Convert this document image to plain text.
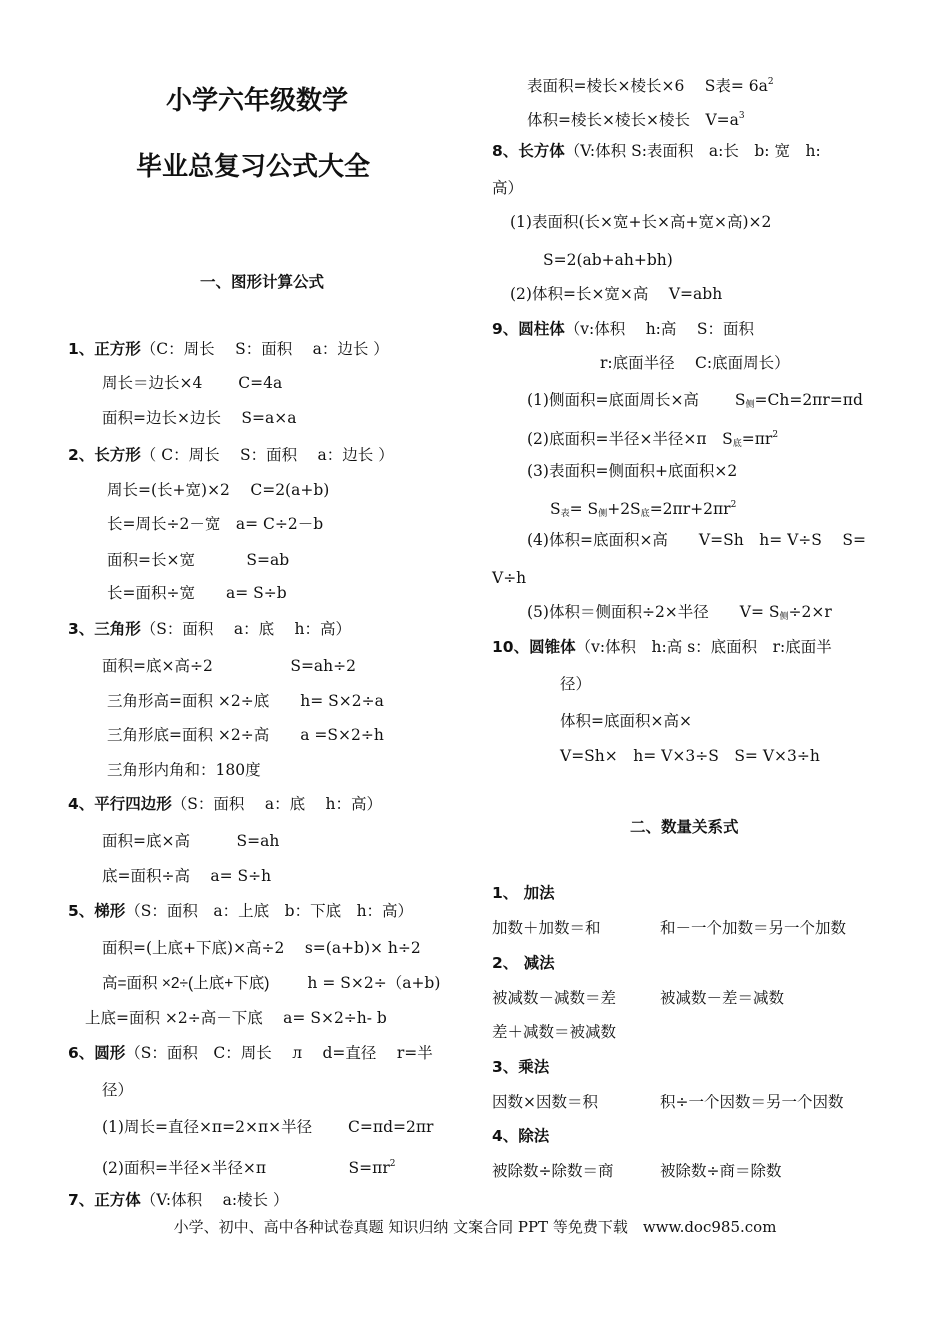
小学六年级数学
毕业总复习公式大全
一、图形计算公式
1、正方形（C：周长　 S：面积　 a：边长 ）
周长＝边长×4　　 C=4a
面积=边长×边长　 S=a×a
2、长方形（ C：周长　 S：面积　 a：边长 ）
周长=(长+宽)×2　 C=2(a+b)
长=周长÷2－宽　a= C÷2－b
面积=长×宽　　　 S=ab
长=面积÷宽　　a= S÷b
3、三角形（S：面积　 a：底　 h：高）
面积=底×高÷2　　　　　S=ah÷2
三角形高=面积 ×2÷底　　h= S×2÷a
三角形底=面积 ×2÷高　　a =S×2÷h
三角形内角和：180度
4、平行四边形（S：面积　 a：底　 h：高）
面积=底×高　　　S=ah
底=面积÷高　 a= S÷h
5、梯形（S：面积　a：上底　b：下底　h：高）
面积=(上底+下底)×高÷2　 s=(a+b)× h÷2
高=面积 ×2÷(上底+下底) h = S×2÷（a+b)
上底=面积 ×2÷高－下底　 a= S×2÷h- b
6、圆形（S：面积　C：周长　 л　 d=直径　 r=半
径）
(1)周长=直径×π=2×π×半径　　 C=πd=2πr
(2)面积=半径×半径×π　　　　　 $S=\pi r^2$
7、正方体（V:体积　 a:棱长 ）
表面积=棱长×棱长×6　 S表= $6a^2$
体积=棱长×棱长×棱长　$V=a^3$
8、长方体（V:体积 S:表面积　a:长　b: 宽　h:
高）
(1)表面积(长×宽+长×高+宽×高)×2
S=2(ab+ah+bh)
(2)体积=长×宽×高　 V=abh
9、圆柱体（v:体积　 h:高　 S：面积
r:底面半径　 C:底面周长）
(1)侧面积=底面周长×高　　 $S_侧=Ch=2\pi r=\pi d$
(2)底面积=半径×半径×π　$S_底=\pi r^2$
(3)表面积=侧面积+底面积×2
$S_表= S_侧+2S_底=2\pi r+2\pi r^2$
(4)体积=底面积×高　　V=Sh　h= V÷S　 S=
V÷h
(5)体积＝侧面积÷2×半径　　$V= S_侧\div 2\times r$
10、圆锥体（v:体积　h:高 s：底面积　r:底面半
径）
体积=底面积×高×
V=Sh×　h= V×3÷S　S= V×3÷h
二、数量关系式
1、 加法
加数＋加数＝和	和－一个加数＝另一个加数
2、 减法
被减数－减数＝差	被减数－差＝减数
差＋减数＝被减数
3、乘法
因数×因数＝积	积÷一个因数＝另一个因数
4、除法
被除数÷除数＝商	被除数÷商＝除数
小学、初中、高中各种试卷真题 知识归纳 文案合同 PPT 等免费下载　www.doc985.com
